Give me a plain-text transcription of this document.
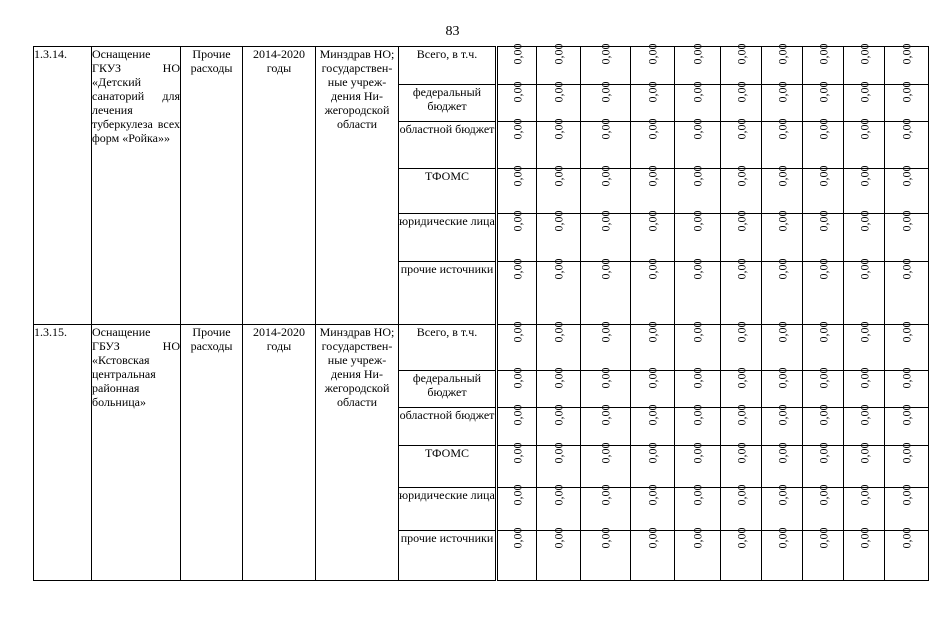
83
1.3.14.	Оснащение ГКУЗ НО «Детский санаторий для лечения туберкулеза всех форм «Ройка»»	Прочие расходы	2014-2020 годы	Минздрав НО; государственные учреждения Нижегородской области	Всего, в т.ч.	0,00	0,00	0,00	0,00	0,00	0,00	0,00	0,00	0,00	0,00
					федеральный бюджет	0,00	0,00	0,00	0,00	0,00	0,00	0,00	0,00	0,00	0,00
					областной бюджет	0,00	0,00	0,00	0,00	0,00	0,00	0,00	0,00	0,00	0,00
					ТФОМС	0,00	0,00	0,00	0,00	0,00	0,00	0,00	0,00	0,00	0,00
					юридические лица	0,00	0,00	0,00	0,00	0,00	0,00	0,00	0,00	0,00	0,00
					прочие источники	0,00	0,00	0,00	0,00	0,00	0,00	0,00	0,00	0,00	0,00
1.3.15.	Оснащение ГБУЗ НО «Кстовская центральная районная больница»	Прочие расходы	2014-2020 годы	Минздрав НО; государственные учреждения Нижегородской области	Всего, в т.ч.	0,00	0,00	0,00	0,00	0,00	0,00	0,00	0,00	0,00	0,00
					федеральный бюджет	0,00	0,00	0,00	0,00	0,00	0,00	0,00	0,00	0,00	0,00
					областной бюджет	0,00	0,00	0,00	0,00	0,00	0,00	0,00	0,00	0,00	0,00
					ТФОМС	0,00	0,00	0,00	0,00	0,00	0,00	0,00	0,00	0,00	0,00
					юридические лица	0,00	0,00	0,00	0,00	0,00	0,00	0,00	0,00	0,00	0,00
					прочие источники	0,00	0,00	0,00	0,00	0,00	0,00	0,00	0,00	0,00	0,00
